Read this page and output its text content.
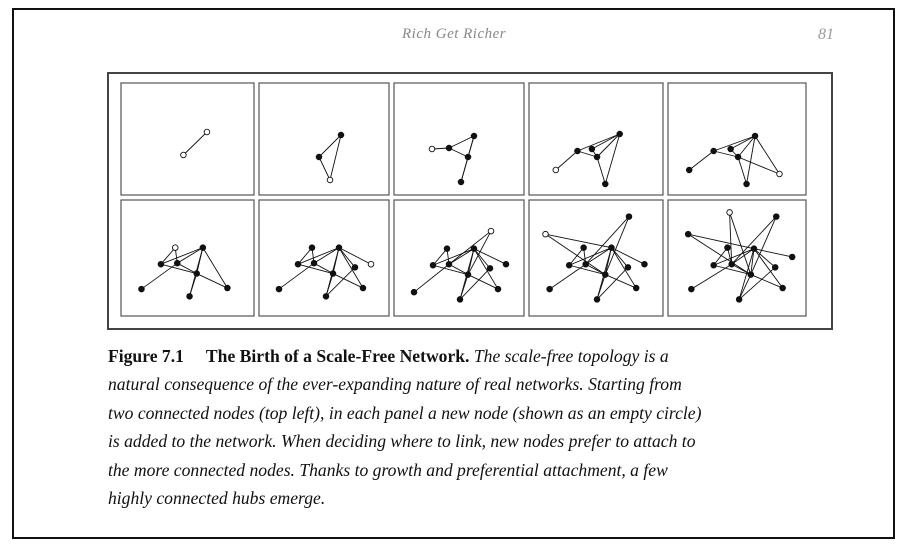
Rich Get Richer	81
Figure 7.1 The Birth of a Scale-Free Network. The scale-free topology is a
natural consequence of the ever-expanding nature of real networks. Starting from
two connected nodes (top left), in each panel a new node (shown as an empty circle)
is added to the network. When deciding where to link, new nodes prefer to attach to
the more connected nodes. Thanks to growth and preferential attachment, a few
highly connected hubs emerge.
